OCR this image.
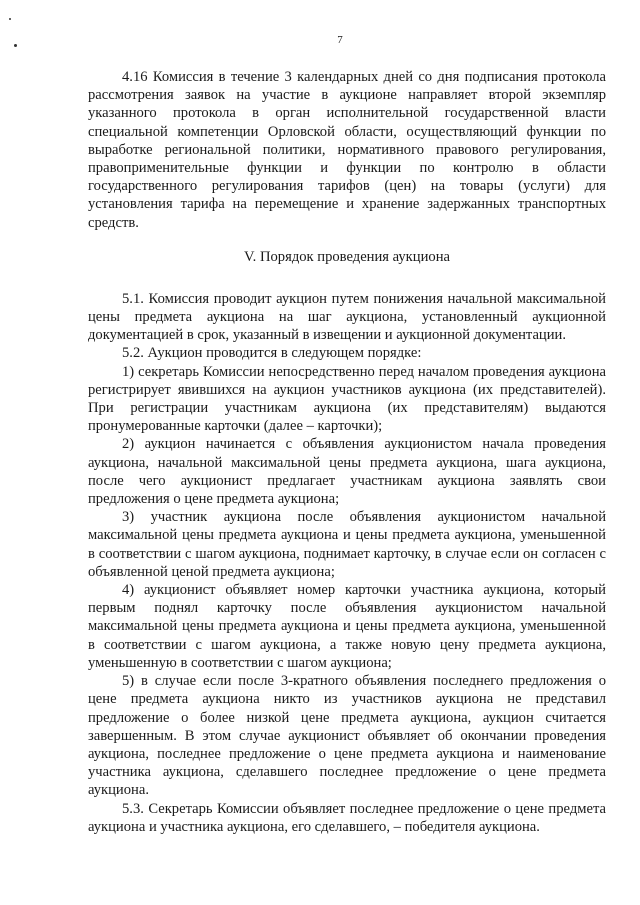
7

4.16 Комиссия в течение 3 календарных дней со дня подписания протокола рассмотрения заявок на участие в аукционе направляет второй экземпляр указанного протокола в орган исполнительной государственной власти специальной компетенции Орловской области, осуществляющий функции по выработке региональной политики, нормативного правового регулирования, правоприменительные функции и функции по контролю в области государственного регулирования тарифов (цен) на товары (услуги) для установления тарифа на перемещение и хранение задержанных транспортных средств.

V. Порядок проведения аукциона

5.1. Комиссия проводит аукцион путем понижения начальной максимальной цены предмета аукциона на шаг аукциона, установленный аукционной документацией в срок, указанный в извещении и аукционной документации.

5.2. Аукцион проводится в следующем порядке:

1) секретарь Комиссии непосредственно перед началом проведения аукциона регистрирует явившихся на аукцион участников аукциона (их представителей). При регистрации участникам аукциона (их представителям) выдаются пронумерованные карточки (далее – карточки);

2) аукцион начинается с объявления аукционистом начала проведения аукциона, начальной максимальной цены предмета аукциона, шага аукциона, после чего аукционист предлагает участникам аукциона заявлять свои предложения о цене предмета аукциона;

3) участник аукциона после объявления аукционистом начальной максимальной цены предмета аукциона и цены предмета аукциона, уменьшенной в соответствии с шагом аукциона, поднимает карточку, в случае если он согласен с объявленной ценой предмета аукциона;

4) аукционист объявляет номер карточки участника аукциона, который первым поднял карточку после объявления аукционистом начальной максимальной цены предмета аукциона и цены предмета аукциона, уменьшенной в соответствии с шагом аукциона, а также новую цену предмета аукциона, уменьшенную в соответствии с шагом аукциона;

5) в случае если после 3-кратного объявления последнего предложения о цене предмета аукциона никто из участников аукциона не представил предложение о более низкой цене предмета аукциона, аукцион считается завершенным. В этом случае аукционист объявляет об окончании проведения аукциона, последнее предложение о цене предмета аукциона и наименование участника аукциона, сделавшего последнее предложение о цене предмета аукциона.

5.3. Секретарь Комиссии объявляет последнее предложение о цене предмета аукциона и участника аукциона, его сделавшего, – победителя аукциона.
